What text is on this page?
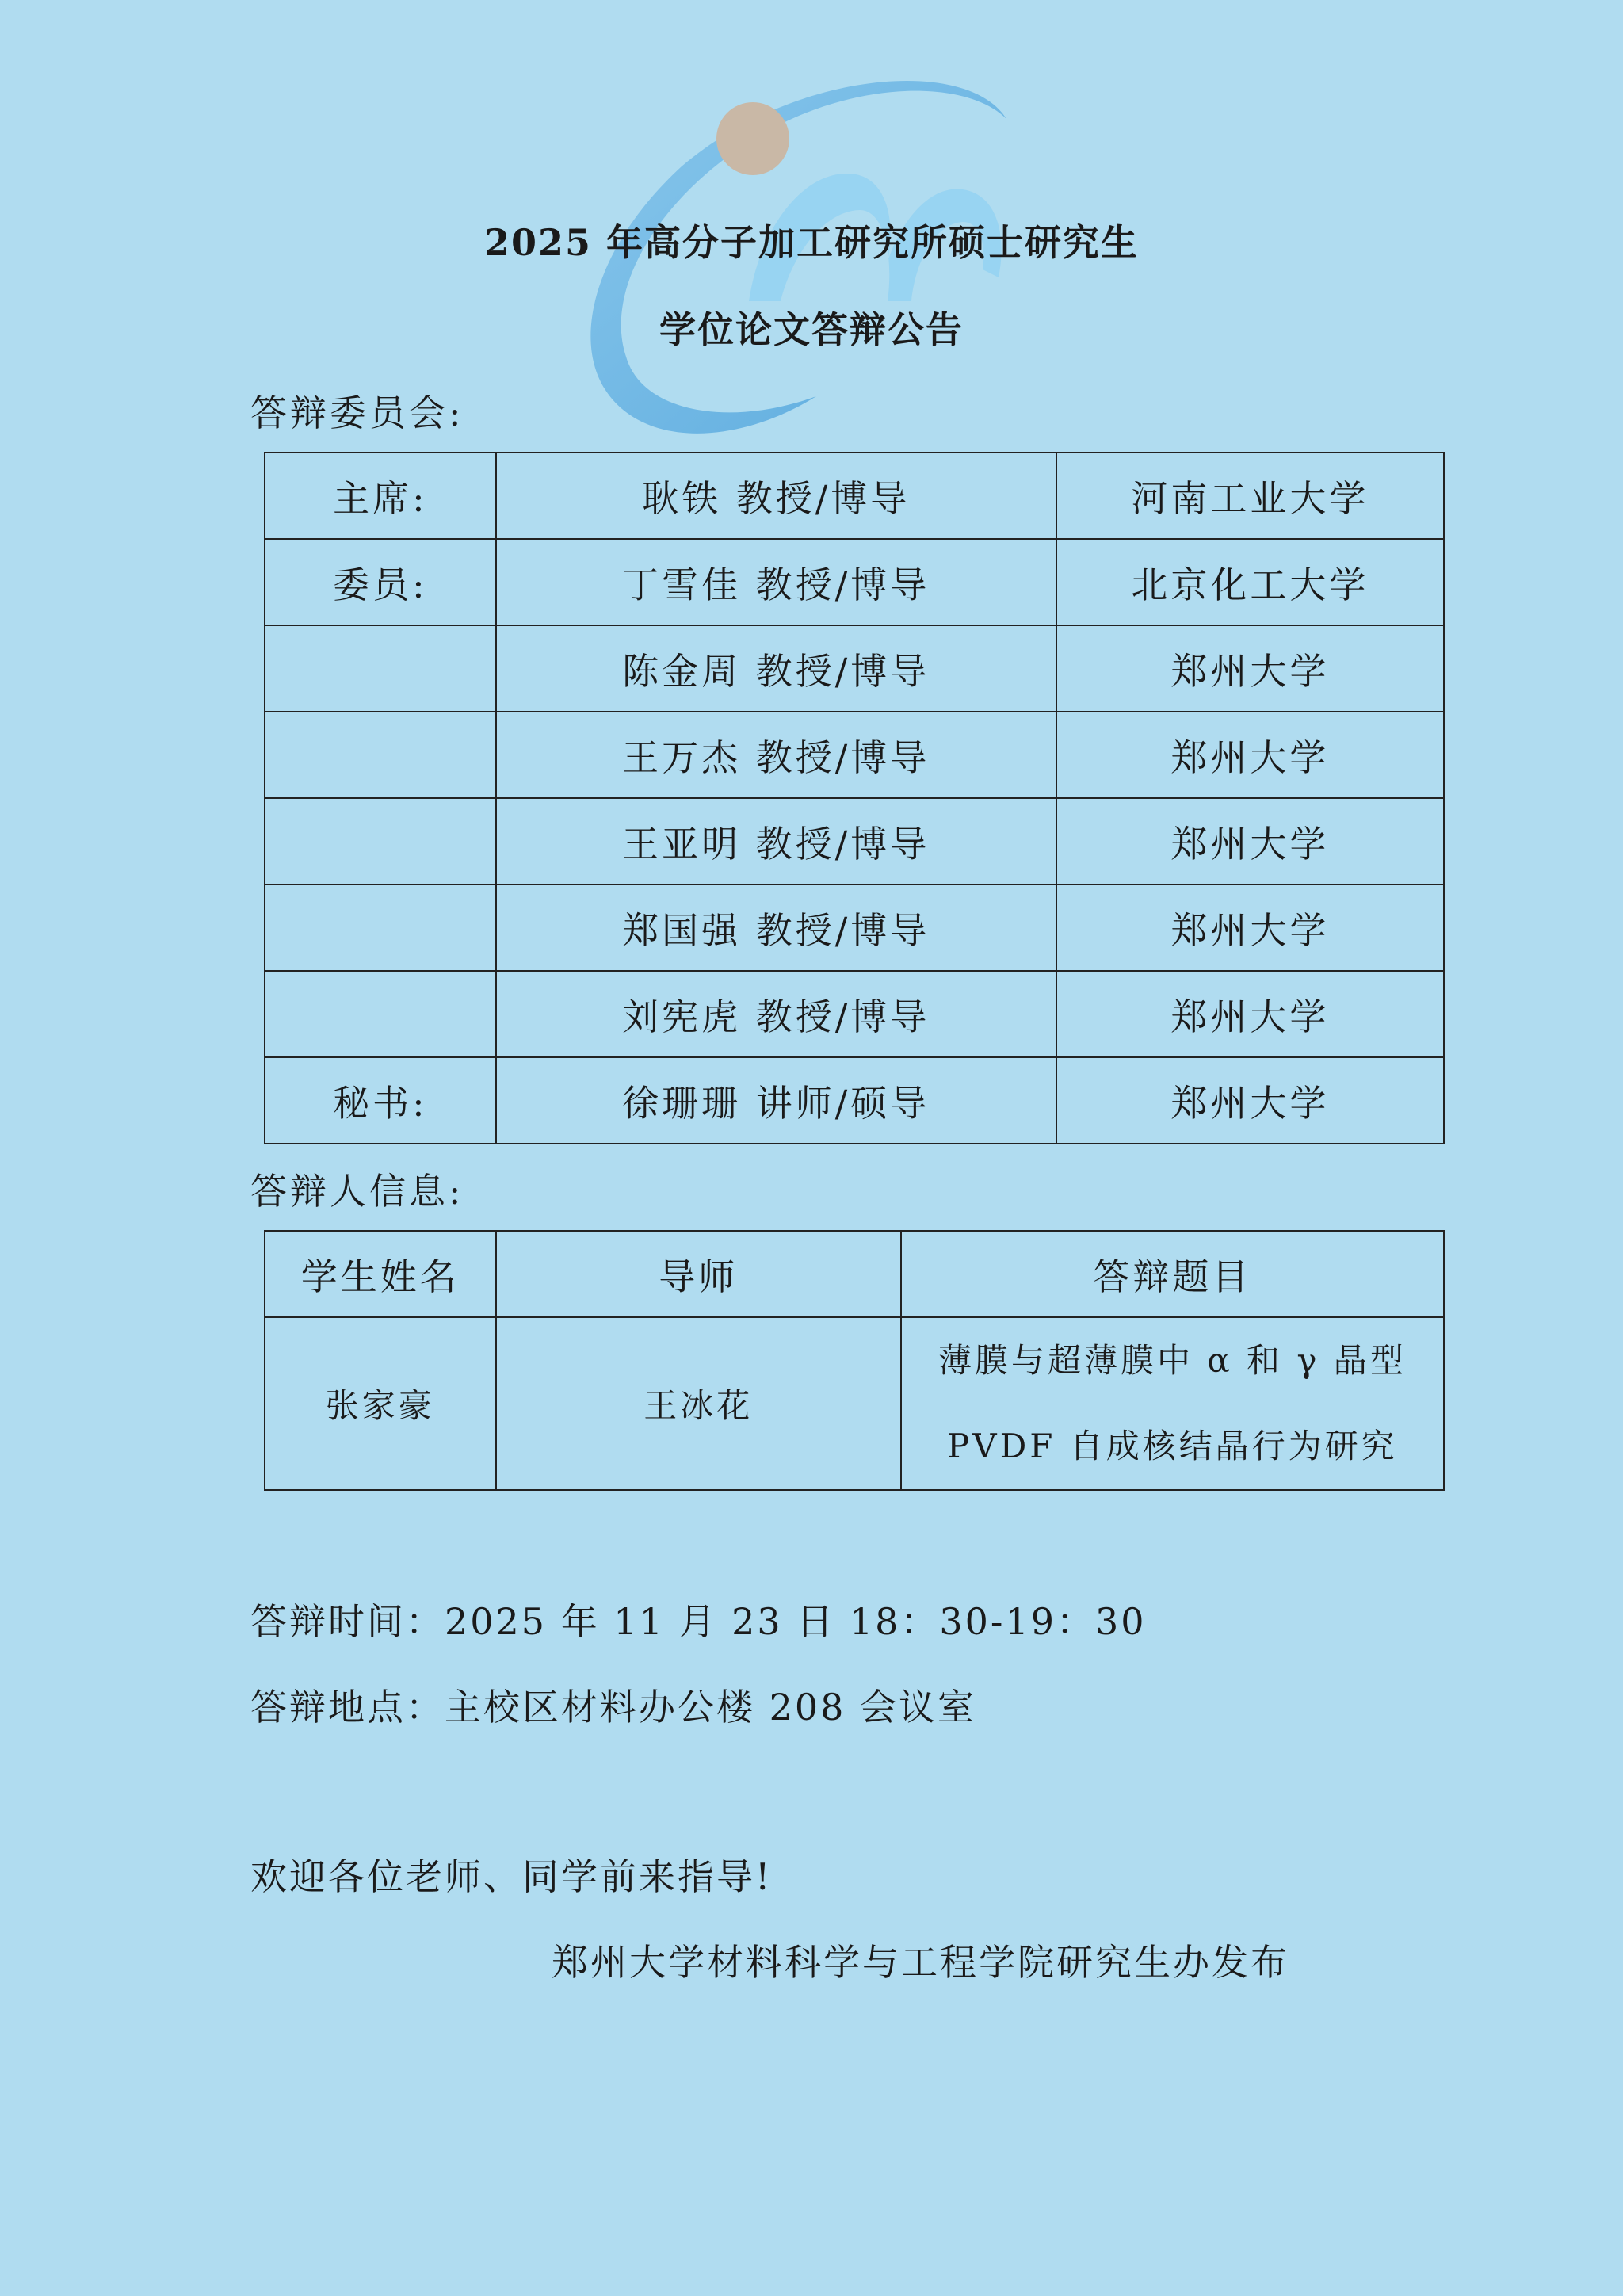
2025 年高分子加工研究所硕士研究生
学位论文答辩公告
答辩委员会:
主席:	耿铁 教授/博导	河南工业大学
委员:	丁雪佳 教授/博导	北京化工大学
	陈金周 教授/博导	郑州大学
	王万杰 教授/博导	郑州大学
	王亚明 教授/博导	郑州大学
	郑国强 教授/博导	郑州大学
	刘宪虎 教授/博导	郑州大学
秘书:	徐珊珊 讲师/硕导	郑州大学
答辩人信息:
学生姓名	导师	答辩题目
张家豪	王冰花	薄膜与超薄膜中 α 和 γ 晶型
PVDF 自成核结晶行为研究
答辩时间：2025 年 11 月 23 日 18：30-19：30
答辩地点：主校区材料办公楼 208 会议室
欢迎各位老师、同学前来指导!
郑州大学材料科学与工程学院研究生办发布
